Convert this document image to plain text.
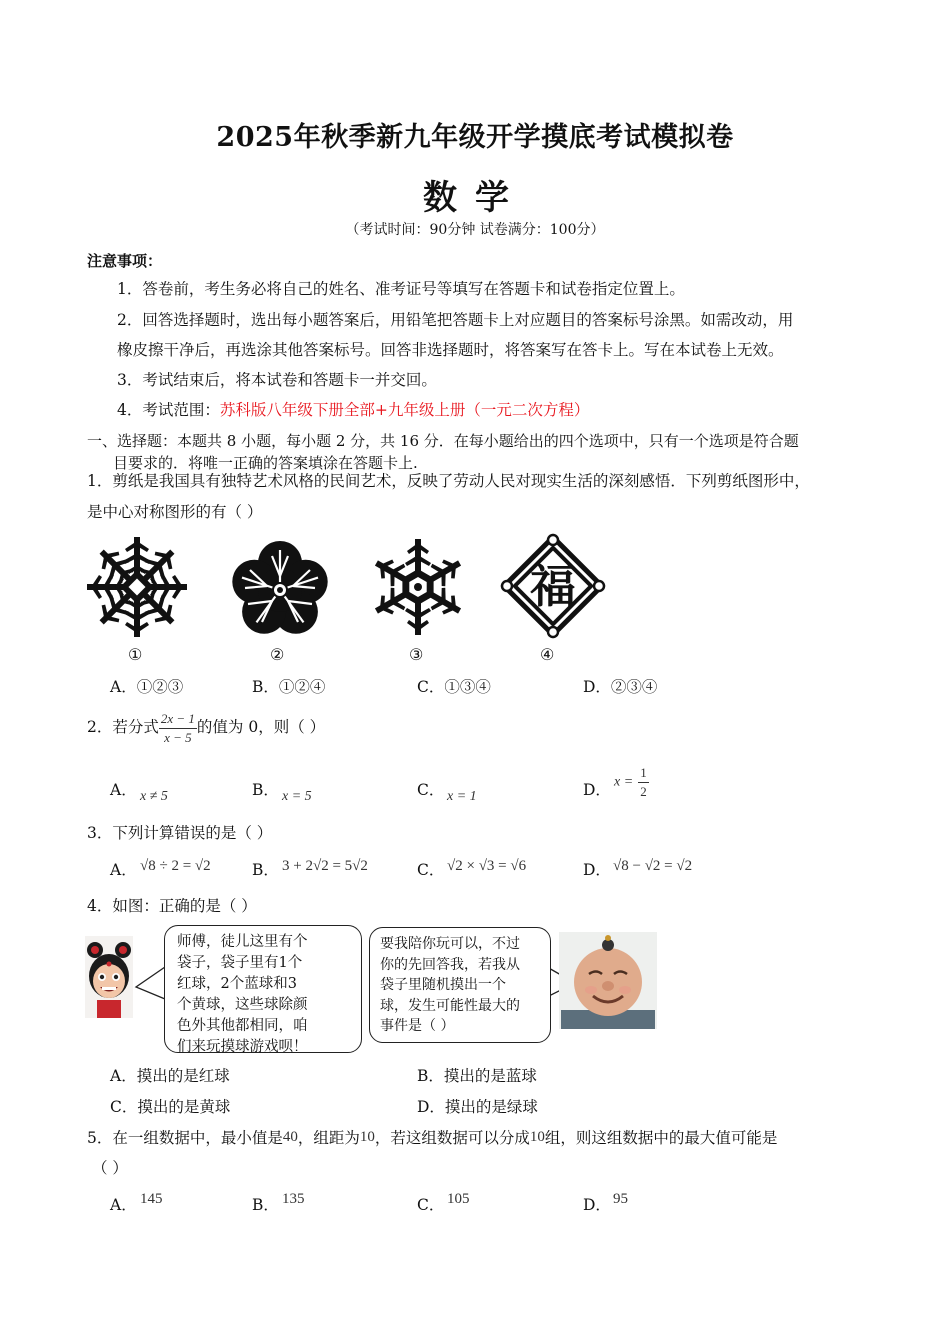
2025年秋季新九年级开学摸底考试模拟卷
数学
（考试时间：90分钟 试卷满分：100分）
注意事项：
1．答卷前，考生务必将自己的姓名、准考证号等填写在答题卡和试卷指定位置上。
2．回答选择题时，选出每小题答案后，用铅笔把答题卡上对应题目的答案标号涂黑。如需改动，用
橡皮擦干净后，再选涂其他答案标号。回答非选择题时，将答案写在答卡上。写在本试卷上无效。
3．考试结束后，将本试卷和答题卡一并交回。
4．考试范围：苏科版八年级下册全部+九年级上册（一元二次方程）
一、选择题：本题共 8 小题，每小题 2 分，共 16 分．在每小题给出的四个选项中，只有一个选项是符合题
目要求的．将唯一正确的答案填涂在答题卡上.
1．剪纸是我国具有独特艺术风格的民间艺术，反映了劳动人民对现实生活的深刻感悟．下列剪纸图形中，
是中心对称图形的有（ ）
福
①	②	③	④
A．①②③	B．①②④	C．①③④	D．②③④
2．若分式 $\frac{2x - 1}{x - 5}$ 的值为 0，则（ ）
A． x ≠ 5	B． x = 5	C． x = 1	D． $x = \frac{1}{2}$
3．下列计算错误的是（ ）
A． √8 ÷ 2 = √2	B． 3 + 2√2 = 5√2	C． √2 × √3 = √6	D． √8 − √2 = √2
4．如图：正确的是（ ）
师傅，徒儿这里有个
袋子，袋子里有1个
红球，2个蓝球和3
个黄球，这些球除颜
色外其他都相同，咱
们来玩摸球游戏呗！
要我陪你玩可以，不过
你的先回答我，若我从
袋子里随机摸出一个
球，发生可能性最大的
事件是（ ）
A．摸出的是红球	B．摸出的是蓝球
C．摸出的是黄球	D．摸出的是绿球
5．在一组数据中，最小值是40，组距为10，若这组数据可以分成10组，则这组数据中的最大值可能是
（ ）
A． 145	B． 135	C． 105	D． 95
